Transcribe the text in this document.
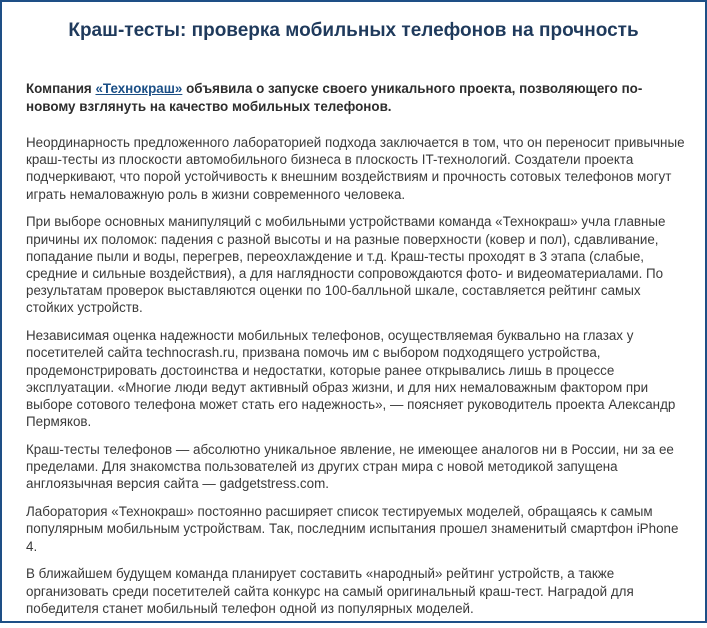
Краш-тесты: проверка мобильных телефонов на прочность

Компания «Технокраш» объявила о запуске своего уникального проекта, позволяющего по-новому взглянуть на качество мобильных телефонов.

Неординарность предложенного лабораторией подхода заключается в том, что он переносит привычные краш-тесты из плоскости автомобильного бизнеса в плоскость IT-технологий. Создатели проекта подчеркивают, что порой устойчивость к внешним воздействиям и прочность сотовых телефонов могут играть немаловажную роль в жизни современного человека.

При выборе основных манипуляций с мобильными устройствами команда «Технокраш» учла главные причины их поломок: падения с разной высоты и на разные поверхности (ковер и пол), сдавливание, попадание пыли и воды, перегрев, переохлаждение и т.д. Краш-тесты проходят в 3 этапа (слабые, средние и сильные воздействия), а для наглядности сопровождаются фото- и видеоматериалами. По результатам проверок выставляются оценки по 100-балльной шкале, составляется рейтинг самых стойких устройств.

Независимая оценка надежности мобильных телефонов, осуществляемая буквально на глазах у посетителей сайта technocrash.ru, призвана помочь им с выбором подходящего устройства, продемонстрировать достоинства и недостатки, которые ранее открывались лишь в процессе эксплуатации. «Многие люди ведут активный образ жизни, и для них немаловажным фактором при выборе сотового телефона может стать его надежность», — поясняет руководитель проекта Александр Пермяков.

Краш-тесты телефонов — абсолютно уникальное явление, не имеющее аналогов ни в России, ни за ее пределами. Для знакомства пользователей из других стран мира с новой методикой запущена англоязычная версия сайта — gadgetstress.com.

Лаборатория «Технокраш» постоянно расширяет список тестируемых моделей, обращаясь к самым популярным мобильным устройствам. Так, последним испытания прошел знаменитый смартфон iPhone 4.

В ближайшем будущем команда планирует составить «народный» рейтинг устройств, а также организовать среди посетителей сайта конкурс на самый оригинальный краш-тест. Наградой для победителя станет мобильный телефон одной из популярных моделей.
